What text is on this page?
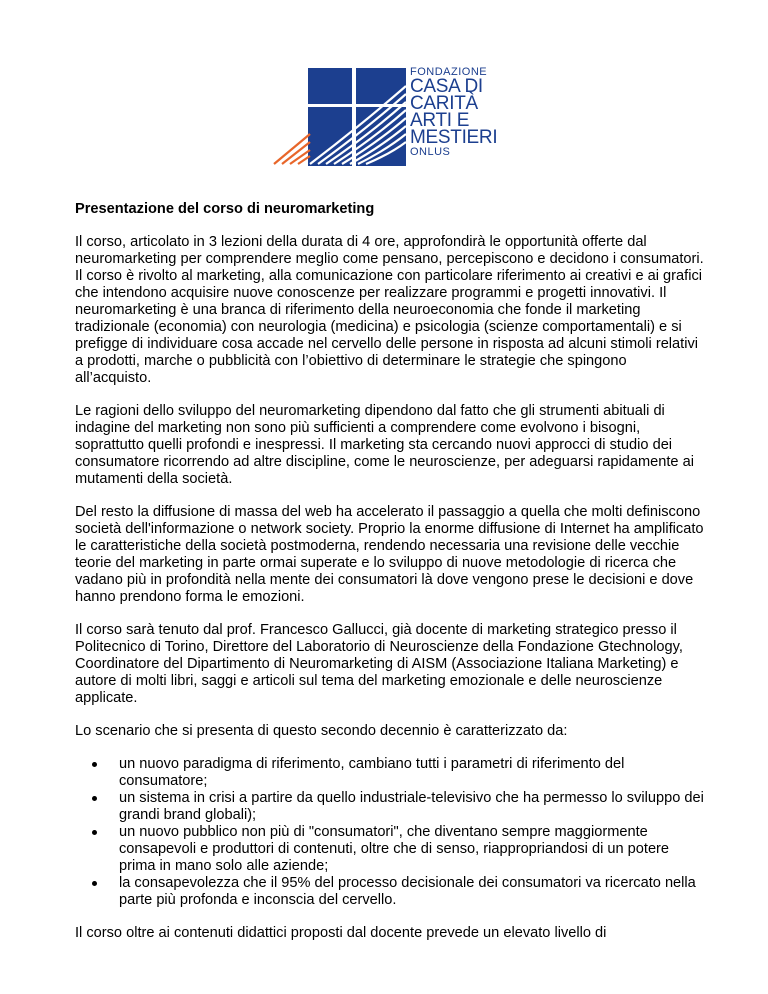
FONDAZIONE
CASA DI
CARITÀ
ARTI E
MESTIERI
ONLUS
Presentazione del corso di neuromarketing

Il corso, articolato in 3 lezioni della durata di 4 ore, approfondirà le opportunità offerte dal neuromarketing per comprendere meglio come pensano, percepiscono e decidono i consumatori. Il corso è rivolto al marketing, alla comunicazione con particolare riferimento ai creativi e ai grafici che intendono acquisire nuove conoscenze per realizzare programmi e progetti innovativi. Il neuromarketing è una branca di riferimento della neuroeconomia che fonde il marketing tradizionale (economia) con neurologia (medicina) e psicologia (scienze comportamentali) e si prefigge di individuare cosa accade nel cervello delle persone in risposta ad alcuni stimoli relativi a prodotti, marche o pubblicità con l’obiettivo di determinare le strategie che spingono all’acquisto.

Le ragioni dello sviluppo del neuromarketing dipendono dal fatto che gli strumenti abituali di indagine del marketing non sono più sufficienti a comprendere come evolvono i bisogni, soprattutto quelli profondi e inespressi. Il marketing sta cercando nuovi approcci di studio dei consumatore ricorrendo ad altre discipline, come le neuroscienze, per adeguarsi rapidamente ai mutamenti della società.

Del resto la diffusione di massa del web ha accelerato il passaggio a quella che molti definiscono società dell'informazione o network society. Proprio la enorme diffusione di Internet ha amplificato le caratteristiche della società postmoderna, rendendo necessaria una revisione delle vecchie teorie del marketing in parte ormai superate e lo sviluppo di nuove metodologie di ricerca che vadano più in profondità nella mente dei consumatori là dove vengono prese le decisioni e dove hanno prendono forma le emozioni.

Il corso sarà tenuto dal prof. Francesco Gallucci, già docente di marketing strategico presso il Politecnico di Torino, Direttore del Laboratorio di Neuroscienze della Fondazione Gtechnology, Coordinatore del Dipartimento di Neuromarketing di AISM (Associazione Italiana Marketing) e autore di molti libri, saggi e articoli sul tema del marketing emozionale e delle neuroscienze applicate.

Lo scenario che si presenta di questo secondo decennio è caratterizzato da:

un nuovo paradigma di riferimento, cambiano tutti i parametri di riferimento del consumatore;
un sistema in crisi a partire da quello industriale-televisivo che ha permesso lo sviluppo dei grandi brand globali);
un nuovo pubblico non più di "consumatori", che diventano sempre maggiormente consapevoli e produttori di contenuti, oltre che di senso, riappropriandosi di un potere prima in mano solo alle aziende;
la consapevolezza che il 95% del processo decisionale dei consumatori va ricercato nella parte più profonda e inconscia del cervello.

Il corso oltre ai contenuti didattici proposti dal docente prevede un elevato livello di
